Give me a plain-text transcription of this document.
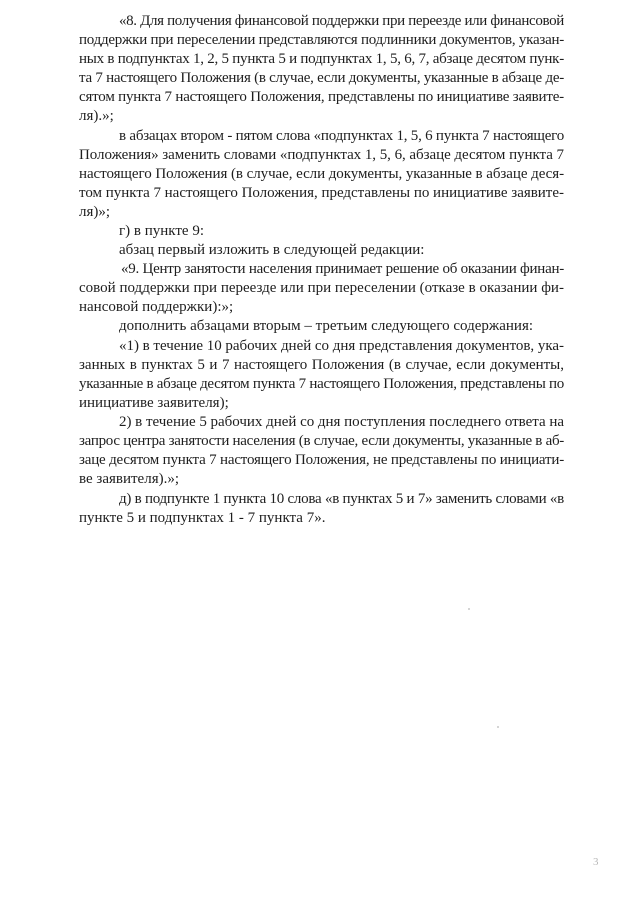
«8. Для получения финансовой поддержки при переезде или финансовой
поддержки при переселении представляются подлинники документов, указан-
ных в подпунктах 1, 2, 5 пункта 5 и подпунктах 1, 5, 6, 7, абзаце десятом пунк-
та 7 настоящего Положения (в случае, если документы, указанные в абзаце де-
сятом пункта 7 настоящего Положения, представлены по инициативе заявите-
ля).»;
в абзацах втором - пятом слова «подпунктах 1, 5, 6 пункта 7 настоящего
Положения» заменить словами «подпунктах 1, 5, 6, абзаце десятом пункта 7
настоящего Положения (в случае, если документы, указанные в абзаце деся-
том пункта 7 настоящего Положения, представлены по инициативе заявите-
ля)»;
г) в пункте 9:
абзац первый изложить в следующей редакции:
«9. Центр занятости населения принимает решение об оказании финан-
совой поддержки при переезде или при переселении (отказе в оказании фи-
нансовой поддержки):»;
дополнить абзацами вторым – третьим следующего содержания:
«1) в течение 10 рабочих дней со дня представления документов, ука-
занных в пунктах 5 и 7 настоящего Положения (в случае, если документы,
указанные в абзаце десятом пункта 7 настоящего Положения, представлены по
инициативе заявителя);
2) в течение 5 рабочих дней со дня поступления последнего ответа на
запрос центра занятости населения (в случае, если документы, указанные в аб-
заце десятом пункта 7 настоящего Положения, не представлены по инициати-
ве заявителя).»;
д) в подпункте 1 пункта 10 слова «в пунктах 5 и 7» заменить словами «в
пункте 5 и подпунктах 1 - 7 пункта 7».
3
